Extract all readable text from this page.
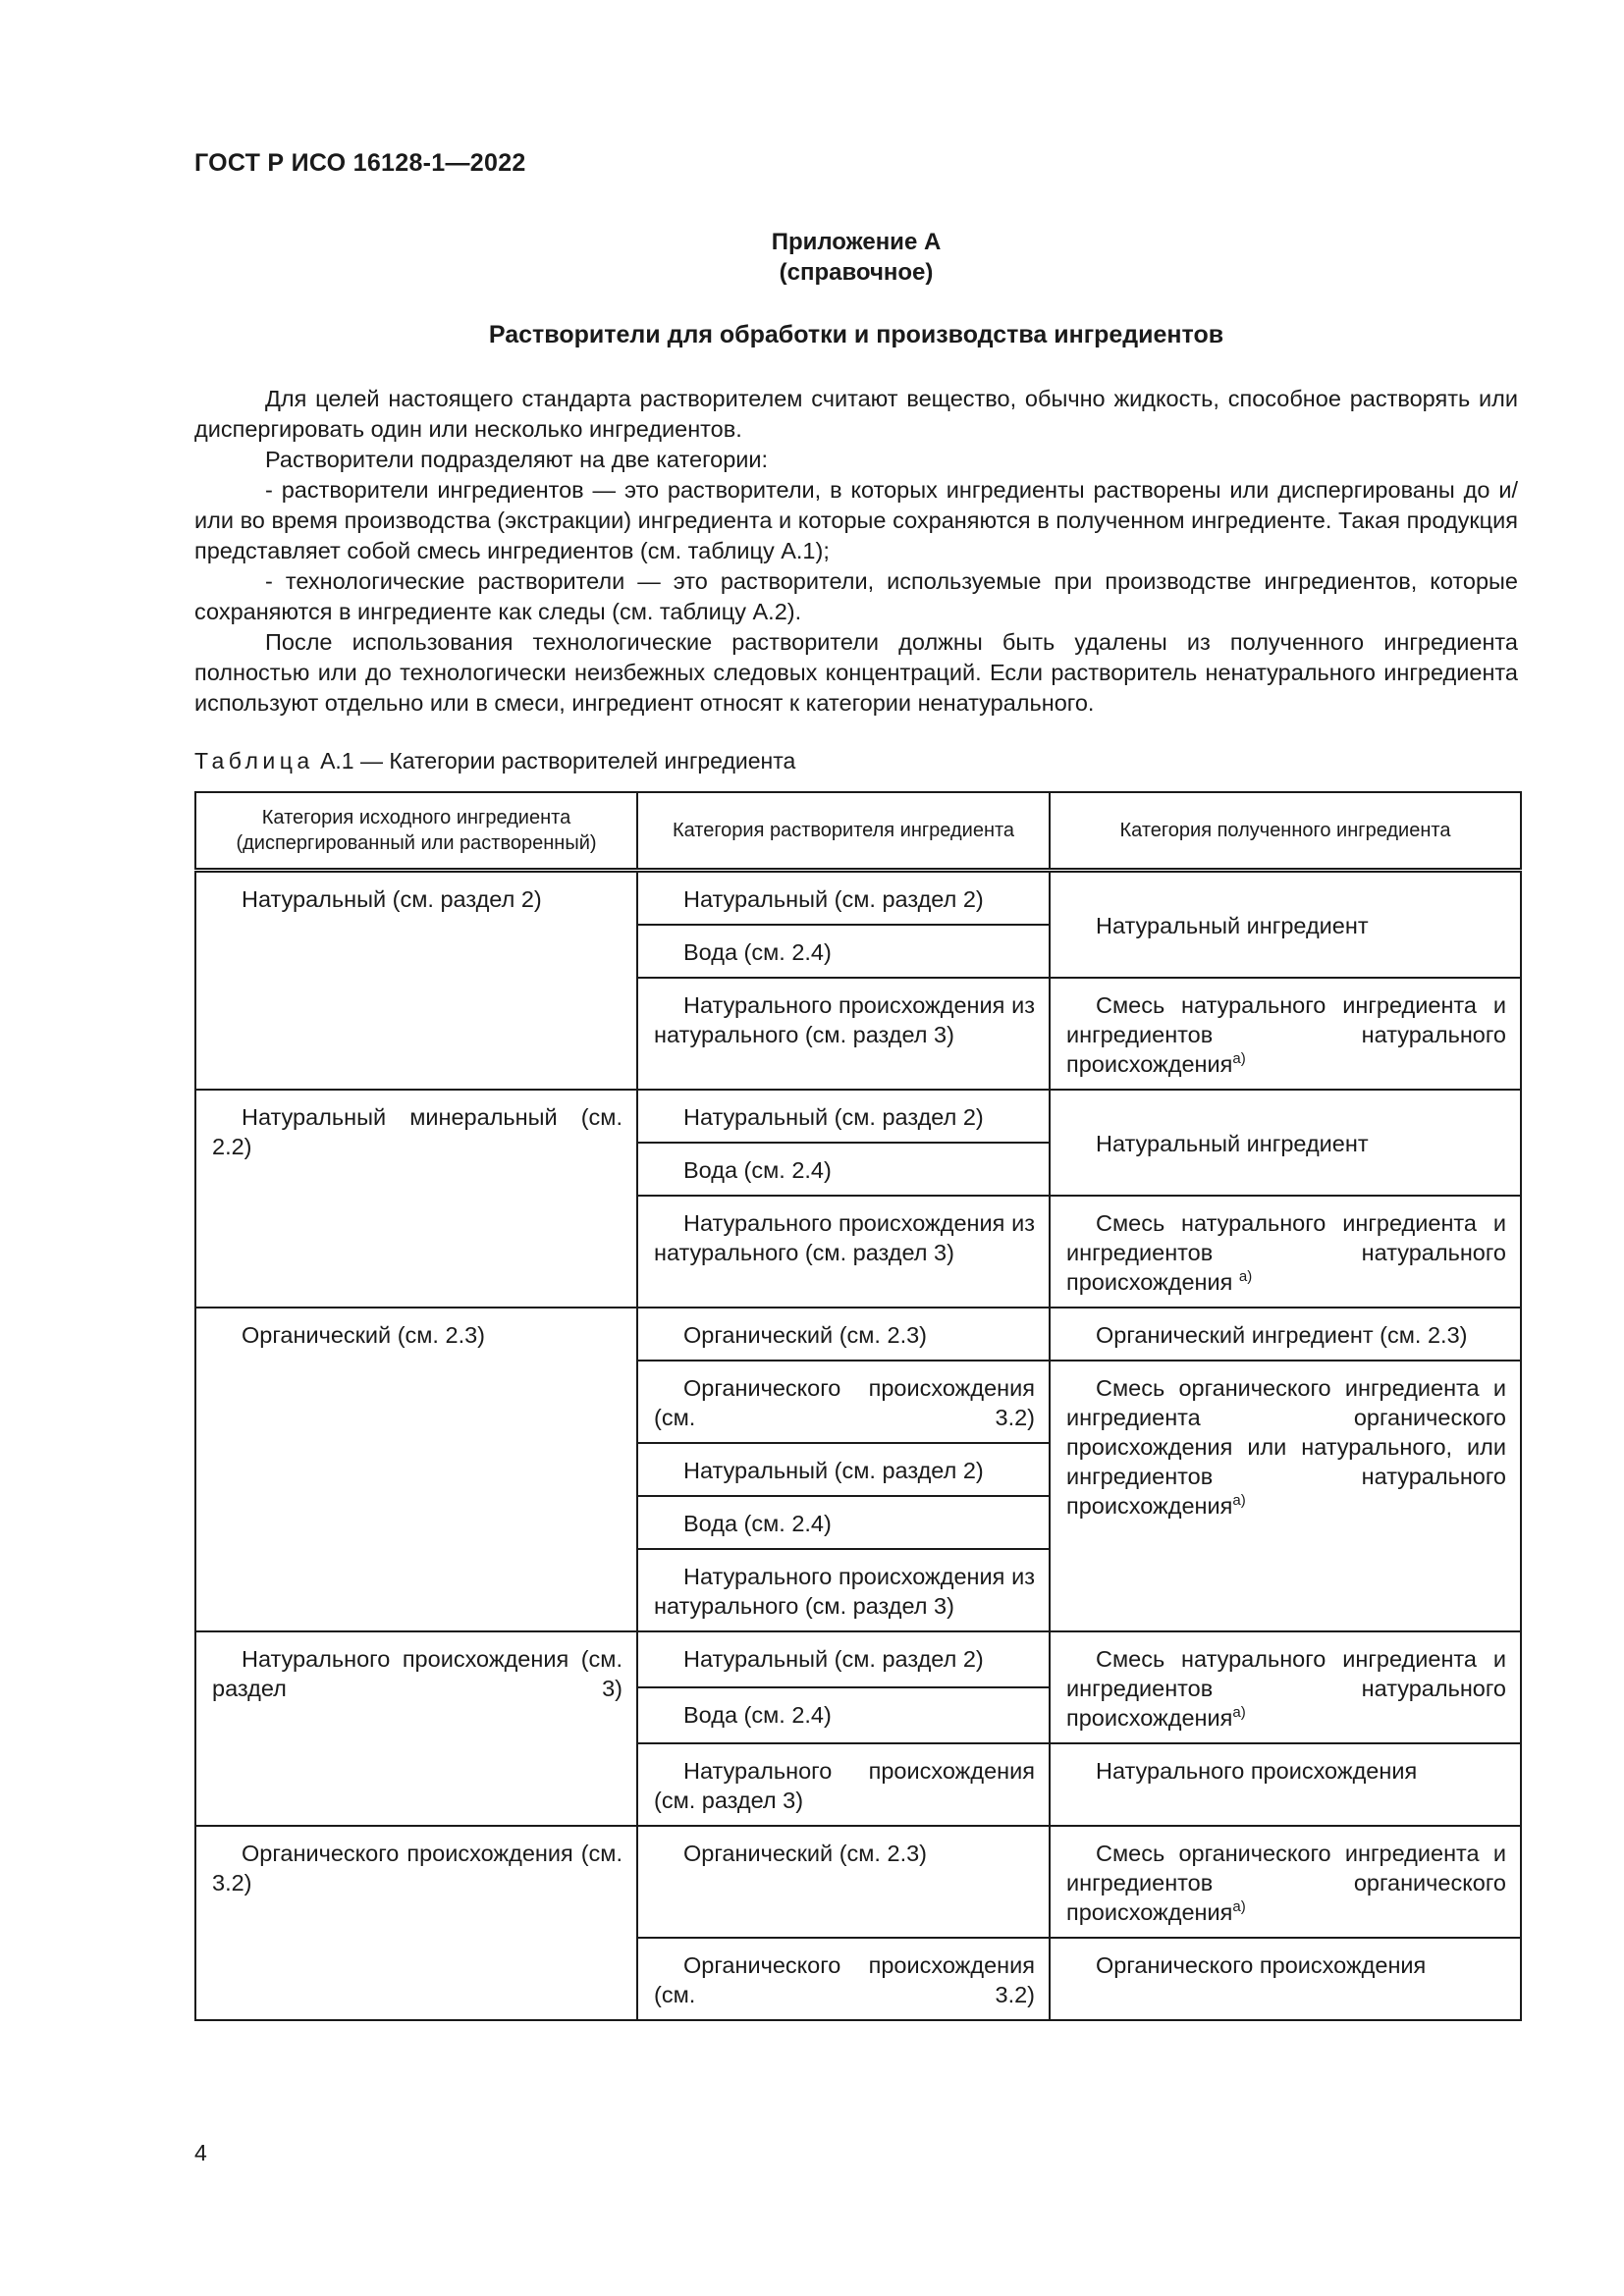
ГОСТ Р ИСО 16128-1—2022
Приложение А
(справочное)
Растворители для обработки и производства ингредиентов

Для целей настоящего стандарта растворителем считают вещество, обычно жидкость, способное растворять или диспергировать один или несколько ингредиентов.

Растворители подразделяют на две категории:

- растворители ингредиентов — это растворители, в которых ингредиенты растворены или диспергированы до и/или во время производства (экстракции) ингредиента и которые сохраняются в полученном ингредиенте. Такая продукция представляет собой смесь ингредиентов (см. таблицу А.1);

- технологические растворители — это растворители, используемые при производстве ингредиентов, которые сохраняются в ингредиенте как следы (см. таблицу А.2).

После использования технологические растворители должны быть удалены из полученного ингредиента полностью или до технологически неизбежных следовых концентраций. Если растворитель ненатурального ингредиента используют отдельно или в смеси, ингредиент относят к категории ненатурального.

Таблица А.1 — Категории растворителей ингредиента
Категория исходного ингредиента (диспергированный или растворенный)	Категория растворителя ингредиента	Категория полученного ингредиента
Натуральный (см. раздел 2)	Натуральный (см. раздел 2)	Натуральный ингредиент
	Вода (см. 2.4)	
	Натурального происхождения из натурального (см. раздел 3)	Смесь натурального ингредиента и ингредиентов натурального происхождения$^{а)}$
Натуральный минеральный (см. 2.2)	Натуральный (см. раздел 2)	Натуральный ингредиент
	Вода (см. 2.4)	
	Натурального происхождения из натурального (см. раздел 3)	Смесь натурального ингредиента и ингредиентов натурального происхождения $^{а)}$
Органический (см. 2.3)	Органический (см. 2.3)	Органический ингредиент (см. 2.3)
	Органического происхождения (см. 3.2)	Смесь органического ингредиента и ингредиента органического происхождения или натурального, или ингредиентов натурального происхождения$^{а)}$
	Натуральный (см. раздел 2)	
	Вода (см. 2.4)	
	Натурального происхождения из натурального (см. раздел 3)	
Натурального происхождения (см. раздел 3)	Натуральный (см. раздел 2)	Смесь натурального ингредиента и ингредиентов натурального происхождения$^{а)}$
	Вода (см. 2.4)	
	Натурального происхождения (см. раздел 3)	Натурального происхождения
Органического происхождения (см. 3.2)	Органический (см. 2.3)	Смесь органического ингредиента и ингредиентов органического происхождения$^{а)}$
	Органического происхождения (см. 3.2)	Органического происхождения
4
